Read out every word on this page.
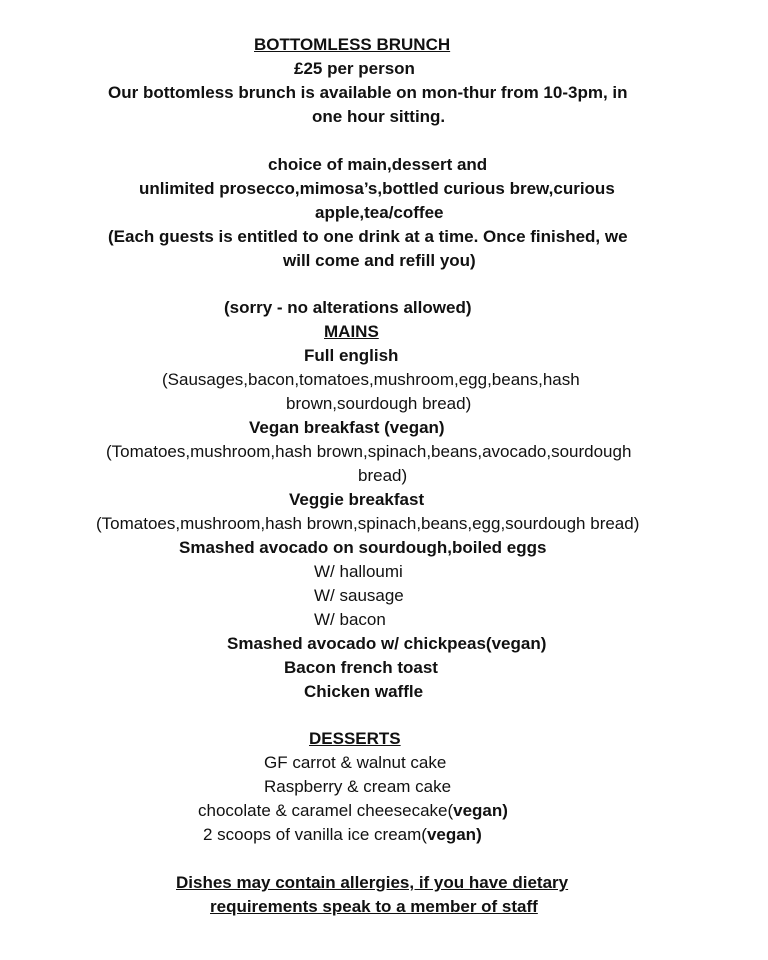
BOTTOMLESS BRUNCH
£25 per person
Our bottomless brunch is available on mon-thur from 10-3pm, in
one hour sitting.
choice of main,dessert and
unlimited prosecco,mimosa’s,bottled curious brew,curious
apple,tea/coffee
(Each guests is entitled to one drink at a time. Once finished, we
will come and refill you)
(sorry - no alterations allowed)
MAINS
Full english
(Sausages,bacon,tomatoes,mushroom,egg,beans,hash
brown,sourdough bread)
Vegan breakfast (vegan)
(Tomatoes,mushroom,hash brown,spinach,beans,avocado,sourdough
bread)
Veggie breakfast
(Tomatoes,mushroom,hash brown,spinach,beans,egg,sourdough bread)
Smashed avocado on sourdough,boiled eggs
W/ halloumi
W/ sausage
W/ bacon
Smashed avocado w/ chickpeas(vegan)
Bacon french toast
Chicken waffle
DESSERTS
GF carrot & walnut cake
Raspberry & cream cake
chocolate & caramel cheesecake(vegan)
2 scoops of vanilla ice cream(vegan)
Dishes may contain allergies, if you have dietary
requirements speak to a member of staff
